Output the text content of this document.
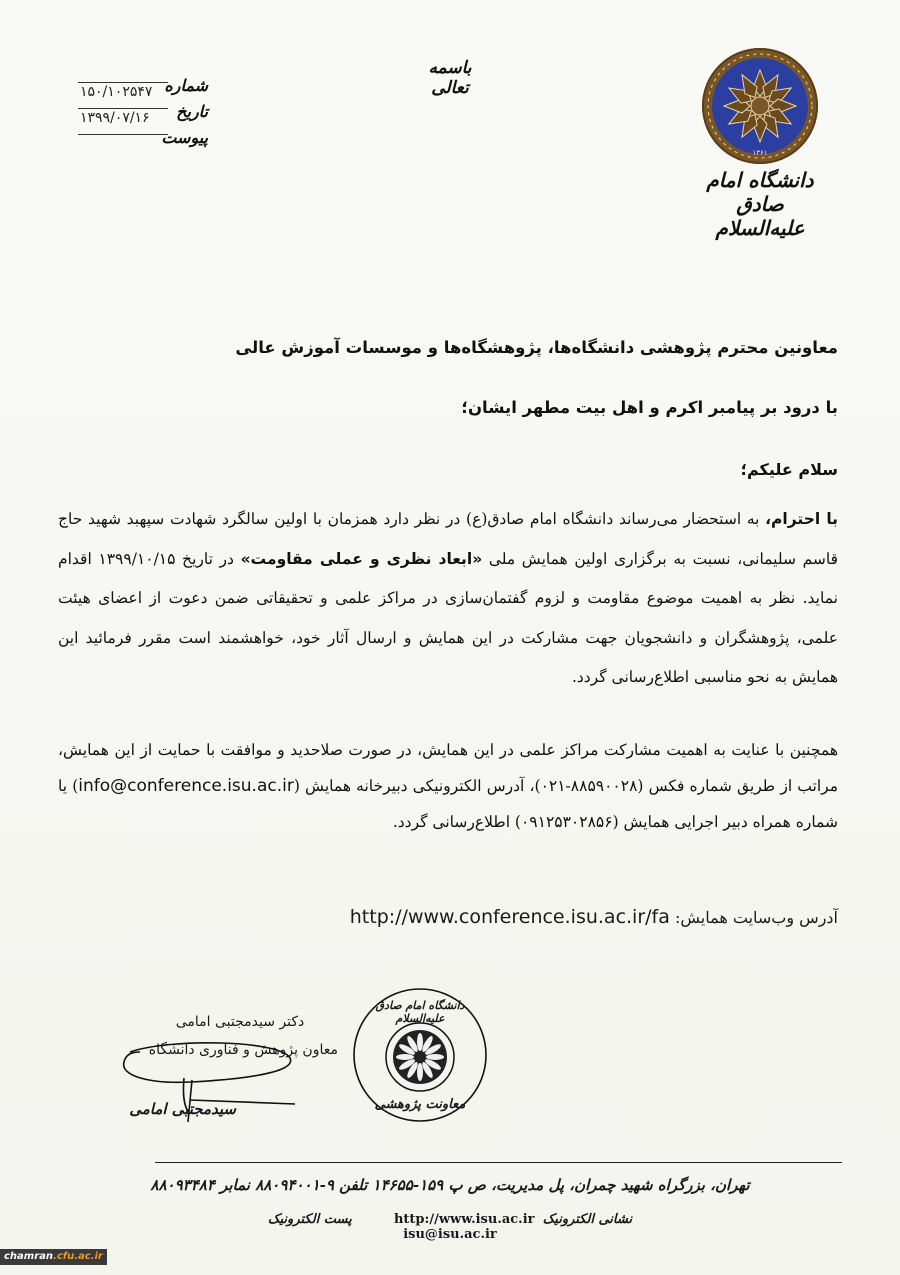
باسمه تعالی
شماره
۱۵۰/۱۰۲۵۴۷
تاریخ
۱۳۹۹/۰۷/۱۶
پیوست
۱۳۶۱
دانشگاه امام صادق علیه‌السلام
معاونین محترم پژوهشی دانشگاه‌ها، پژوهشگاه‌ها و موسسات آموزش عالی
با درود بر پیامبر اکرم و اهل بیت مطهر ایشان؛
سلام علیکم؛
با احترام، به استحضار می‌رساند دانشگاه امام صادق(ع) در نظر دارد همزمان با اولین سالگرد شهادت سپهبد شهید حاج قاسم سلیمانی، نسبت به برگزاری اولین همایش ملی «ابعاد نظری و عملی مقاومت» در تاریخ ۱۳۹۹/۱۰/۱۵ اقدام نماید. نظر به اهمیت موضوع مقاومت و لزوم گفتمان‌سازی در مراکز علمی و تحقیقاتی ضمن دعوت از اعضای هیئت علمی، پژوهشگران و دانشجویان جهت مشارکت در این همایش و ارسال آثار خود، خواهشمند است مقرر فرمائید این همایش به نحو مناسبی اطلاع‌رسانی گردد.
همچنین با عنایت به اهمیت مشارکت مراکز علمی در این همایش، در صورت صلاحدید و موافقت با حمایت از این همایش، مراتب از طریق شماره فکس (۸۸۵۹۰۰۲۸-۰۲۱)، آدرس الکترونیکی دبیرخانه همایش (info@conference.isu.ac.ir) یا شماره همراه دبیر اجرایی همایش (۰۹۱۲۵۳۰۲۸۵۶) اطلاع‌رسانی گردد.
آدرس وب‌سایت همایش: http://www.conference.isu.ac.ir/fa
دکتر سیدمجتبی امامی
معاون پژوهش و فناوری دانشگاه
سیدمجتبی امامی
دانشگاه امام صادق علیه‌السلام
معاونت پژوهشی
تهران، بزرگراه شهید چمران، پل مدیریت، ص پ ۱۵۹-۱۴۶۵۵ تلفن ۹-۸۸۰۹۴۰۰۱ نمابر ۸۸۰۹۳۴۸۴
نشانی الکترونیک http://www.isu.ac.ir  پست الکترونیک isu@isu.ac.ir
chamran.cfu.ac.ir
